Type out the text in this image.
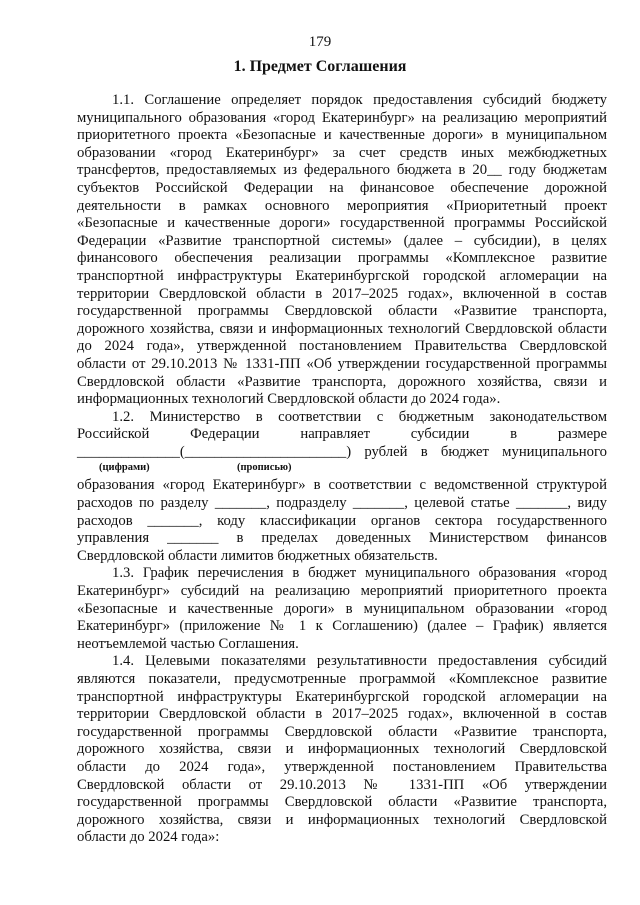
179
1. Предмет Соглашения
1.1. Соглашение определяет порядок предоставления субсидий бюджету
муниципального образования «город Екатеринбург» на реализацию мероприятий
приоритетного проекта «Безопасные и качественные дороги» в муниципальном
образовании «город Екатеринбург» за счет средств иных межбюджетных
трансфертов, предоставляемых из федерального бюджета в 20__ году бюджетам
субъектов Российской Федерации на финансовое обеспечение дорожной
деятельности в рамках основного мероприятия «Приоритетный проект
«Безопасные и качественные дороги» государственной программы Российской
Федерации «Развитие транспортной системы» (далее – субсидии), в целях
финансового обеспечения реализации программы «Комплексное развитие
транспортной инфраструктуры Екатеринбургской городской агломерации на
территории Свердловской области в 2017–2025 годах», включенной в состав
государственной программы Свердловской области «Развитие транспорта,
дорожного хозяйства, связи и информационных технологий Свердловской области
до 2024 года», утвержденной постановлением Правительства Свердловской
области от 29.10.2013 № 1331-ПП «Об утверждении государственной программы
Свердловской области «Развитие транспорта, дорожного хозяйства, связи и
информационных технологий Свердловской области до 2024 года».
1.2. Министерство в соответствии с бюджетным законодательством
Российской Федерации направляет субсидии в размере
______________(______________________) рублей в бюджет муниципального
(цифрами)	(прописью)
образования «город Екатеринбург» в соответствии с ведомственной структурой
расходов по разделу _______, подразделу _______, целевой статье _______, виду
расходов _______, коду классификации органов сектора государственного
управления _______ в пределах доведенных Министерством финансов
Свердловской области лимитов бюджетных обязательств.
1.3. График перечисления в бюджет муниципального образования «город
Екатеринбург» субсидий на реализацию мероприятий приоритетного проекта
«Безопасные и качественные дороги» в муниципальном образовании «город
Екатеринбург» (приложение № 1 к Соглашению) (далее – График) является
неотъемлемой частью Соглашения.
1.4. Целевыми показателями результативности предоставления субсидий
являются показатели, предусмотренные программой «Комплексное развитие
транспортной инфраструктуры Екатеринбургской городской агломерации на
территории Свердловской области в 2017–2025 годах», включенной в состав
государственной программы Свердловской области «Развитие транспорта,
дорожного хозяйства, связи и информационных технологий Свердловской
области до 2024 года», утвержденной постановлением Правительства
Свердловской области от 29.10.2013 № 1331-ПП «Об утверждении
государственной программы Свердловской области «Развитие транспорта,
дорожного хозяйства, связи и информационных технологий Свердловской
области до 2024 года»:
